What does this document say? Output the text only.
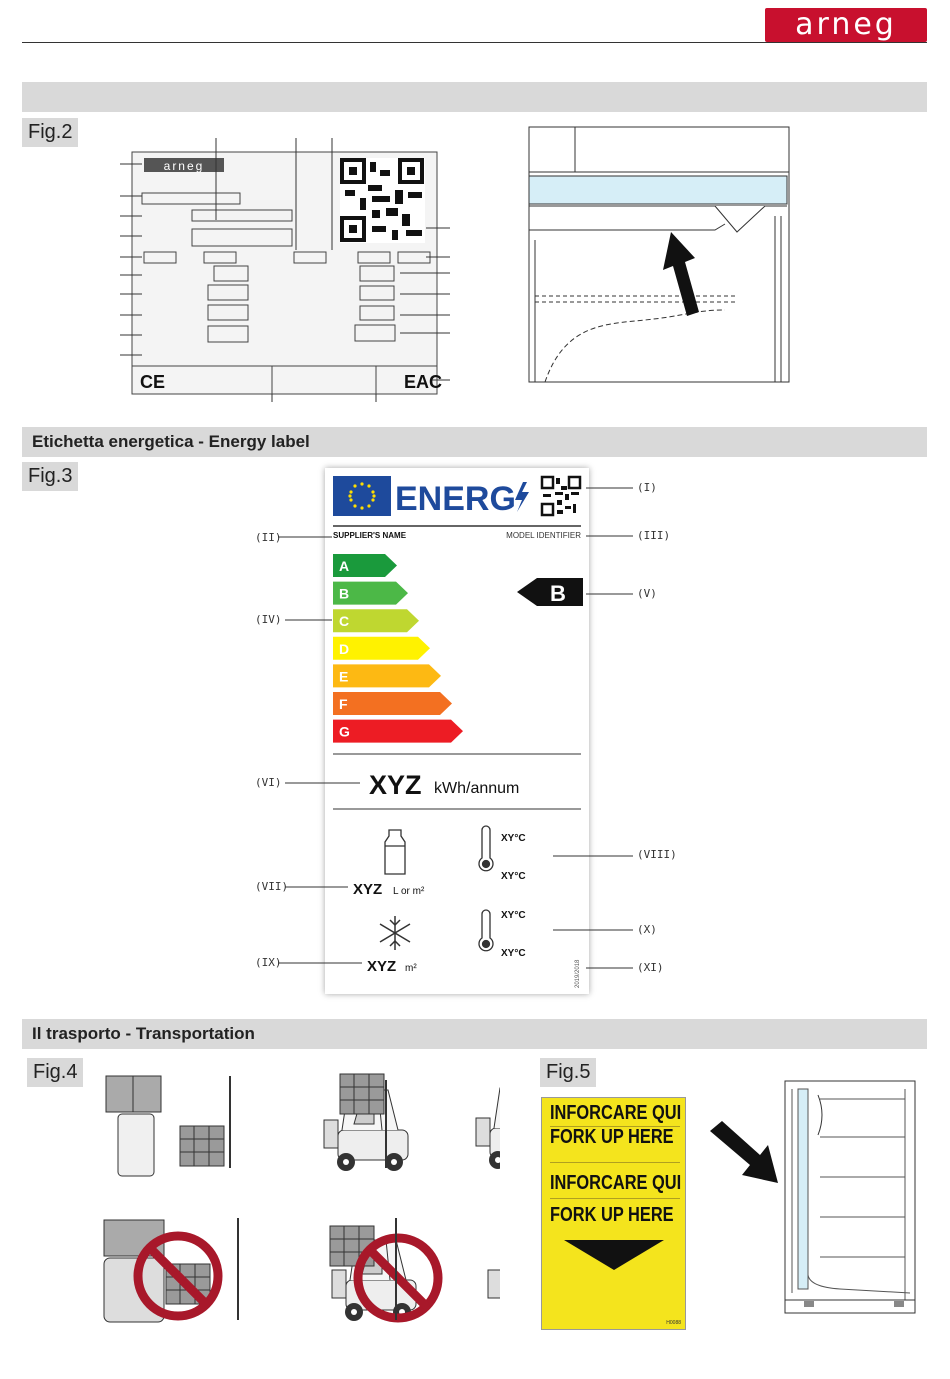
arneg
Fig.2
arneg
CE	EAC
Etichetta energetica - Energy label
Fig.3
ENERG
SUPPLIER'S NAME	MODEL IDENTIFIER
A
B
C
D
E
F
G
B
XYZ kWh/annum
XYZ L or m²
XY°C
XY°C
XYZ m²
XY°C
XY°C
2019/2018
(I)
(II)	(III)
(IV)
(V)
(VI)
(VII)
(VIII)
(IX)
(X)
(XI)
Il trasporto - Transportation
Fig.4	Fig.5
INFORCARE QUI
FORK UP HERE
INFORCARE QUI
FORK UP HERE
H0088
